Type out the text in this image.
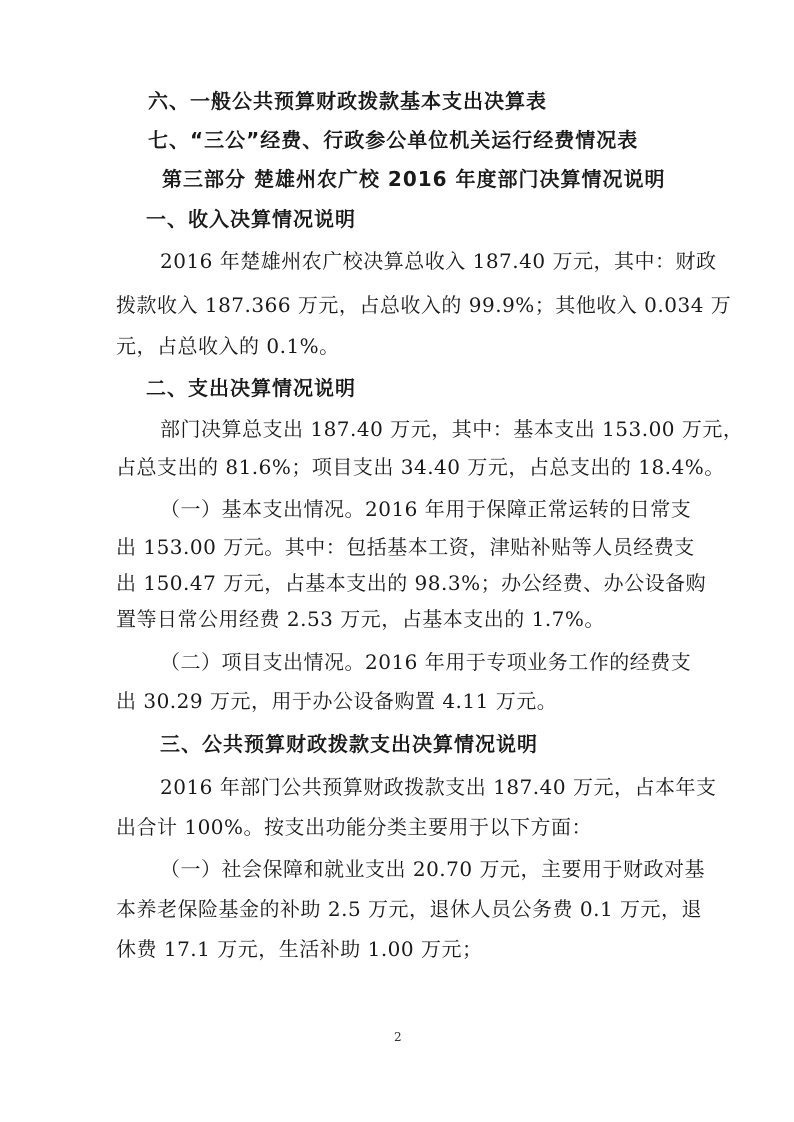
六、一般公共预算财政拨款基本支出决算表
七、“三公”经费、行政参公单位机关运行经费情况表
第三部分 楚雄州农广校 2016 年度部门决算情况说明
一、收入决算情况说明
2016 年楚雄州农广校决算总收入 187.40 万元，其中：财政
拨款收入 187.366 万元，占总收入的 99.9%；其他收入 0.034 万
元，占总收入的 0.1%。
二、支出决算情况说明
部门决算总支出 187.40 万元，其中：基本支出 153.00 万元，
占总支出的 81.6%；项目支出 34.40 万元，占总支出的 18.4%。
（一）基本支出情况。2016 年用于保障正常运转的日常支
出 153.00 万元。其中：包括基本工资，津贴补贴等人员经费支
出 150.47 万元，占基本支出的 98.3%；办公经费、办公设备购
置等日常公用经费 2.53 万元，占基本支出的 1.7%。
（二）项目支出情况。2016 年用于专项业务工作的经费支
出 30.29 万元，用于办公设备购置 4.11 万元。
三、公共预算财政拨款支出决算情况说明
2016 年部门公共预算财政拨款支出 187.40 万元，占本年支
出合计 100%。按支出功能分类主要用于以下方面：
（一）社会保障和就业支出 20.70 万元，主要用于财政对基
本养老保险基金的补助 2.5 万元，退休人员公务费 0.1 万元，退
休费 17.1 万元，生活补助 1.00 万元；
2
